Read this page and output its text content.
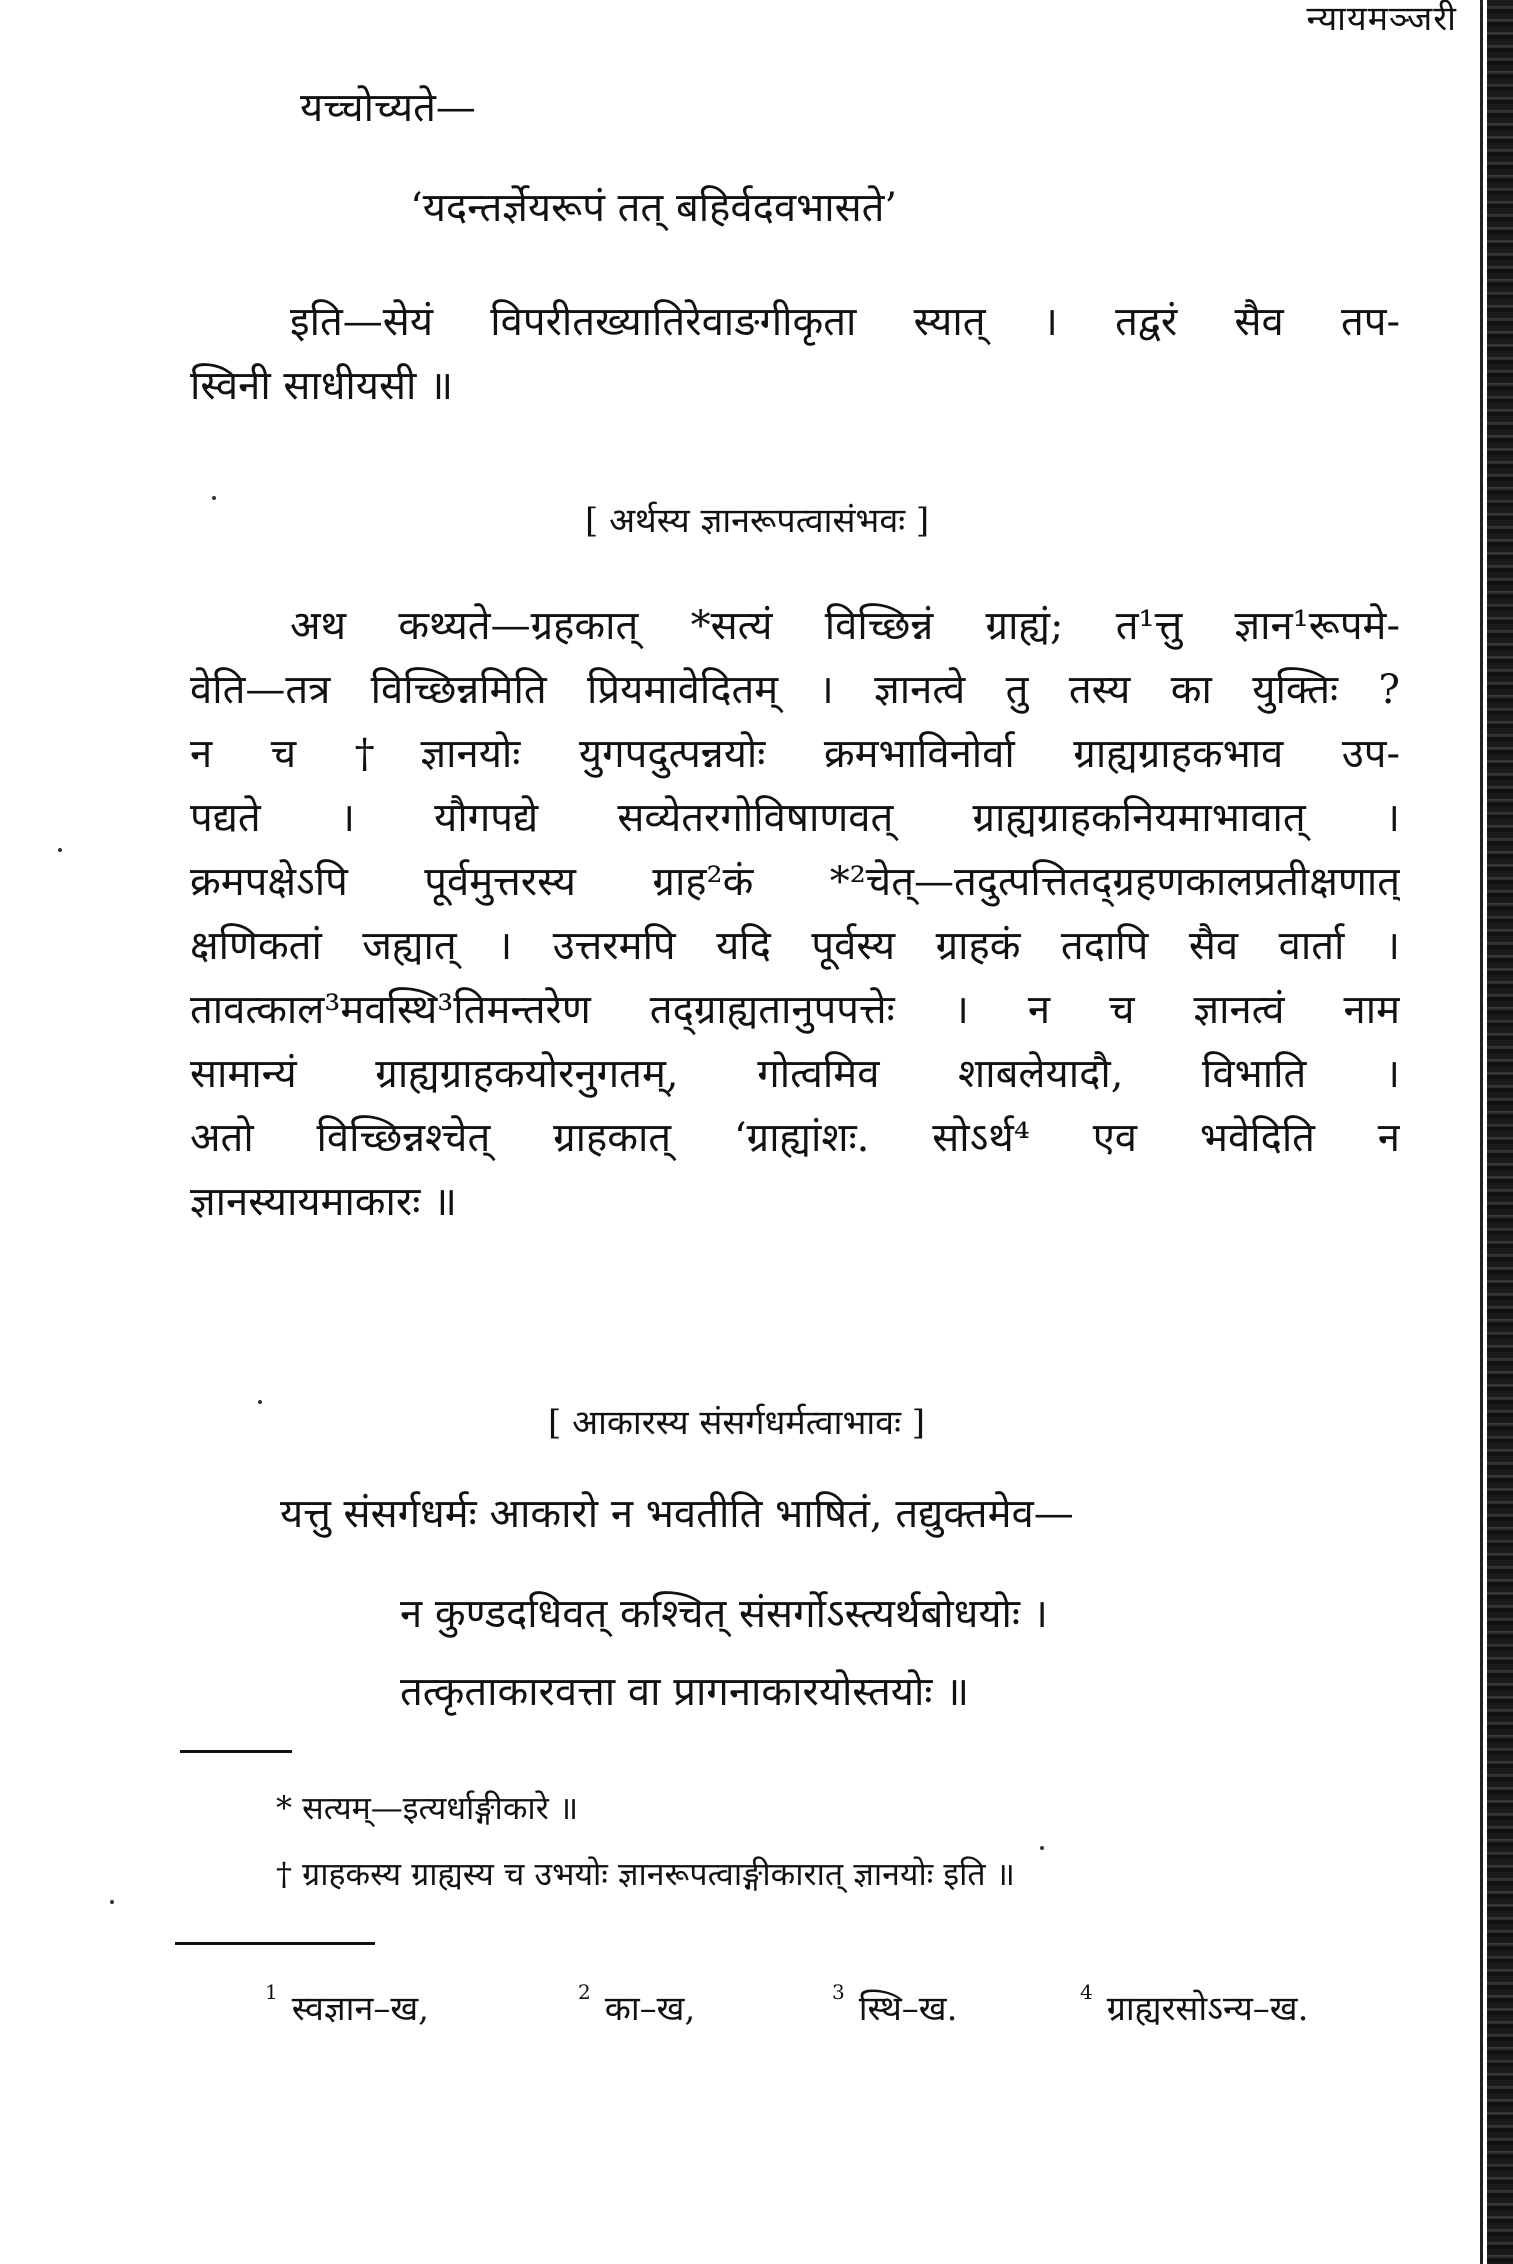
न्यायमञ्जरी
यच्चोच्यते—
‘यदन्तर्ज्ञेयरूपं तत् बहिर्वदवभासते’
इति—सेयं विपरीतख्यातिरेवाङगीकृता स्यात् । तद्वरं सैव तप-
स्विनी साधीयसी ॥
[ अर्थस्य ज्ञानरूपत्वासंभवः ]
अथ कथ्यते—ग्रहकात् *सत्यं विच्छिन्नं ग्राह्यं; त¹त्तु ज्ञान¹रूपमे-
वेति—तत्र विच्छिन्नमिति प्रियमावेदितम् । ज्ञानत्वे तु तस्य का युक्तिः ?
न च †ज्ञानयोः युगपदुत्पन्नयोः क्रमभाविनोर्वा ग्राह्यग्राहकभाव उप-
पद्यते । यौगपद्ये सव्येतरगोविषाणवत् ग्राह्यग्राहकनियमाभावात् ।
क्रमपक्षेऽपि पूर्वमुत्तरस्य ग्राह²कं *²चेत्—तदुत्पत्तितद्ग्रहणकालप्रतीक्षणात्
क्षणिकतां जह्यात् । उत्तरमपि यदि पूर्वस्य ग्राहकं तदापि सैव वार्ता ।
तावत्काल³मवस्थि³तिमन्तरेण तद्ग्राह्यतानुपपत्तेः । न च ज्ञानत्वं नाम
सामान्यं ग्राह्यग्राहकयोरनुगतम्, गोत्वमिव शाबलेयादौ, विभाति ।
अतो विच्छिन्नश्चेत् ग्राहकात् ‘ग्राह्यांशः. सोऽर्थ⁴ एव भवेदिति न
ज्ञानस्यायमाकारः ॥
[ आकारस्य संसर्गधर्मत्वाभावः ]
यत्तु संसर्गधर्मः आकारो न भवतीति भाषितं, तद्युक्तमेव—
न कुण्डदधिवत् कश्चित् संसर्गोऽस्त्यर्थबोधयोः ।
तत्कृताकारवत्ता वा प्रागनाकारयोस्तयोः ॥
* सत्यम्—इत्यर्धाङ्गीकारे ॥
† ग्राहकस्य ग्राह्यस्य च उभयोः ज्ञानरूपत्वाङ्गीकारात् ज्ञानयोः इति ॥
$^1$ स्वज्ञान–ख,	$^2$ का–ख,	$^3$ स्थि–ख.	$^4$ ग्राह्यरसोऽन्य–ख.
